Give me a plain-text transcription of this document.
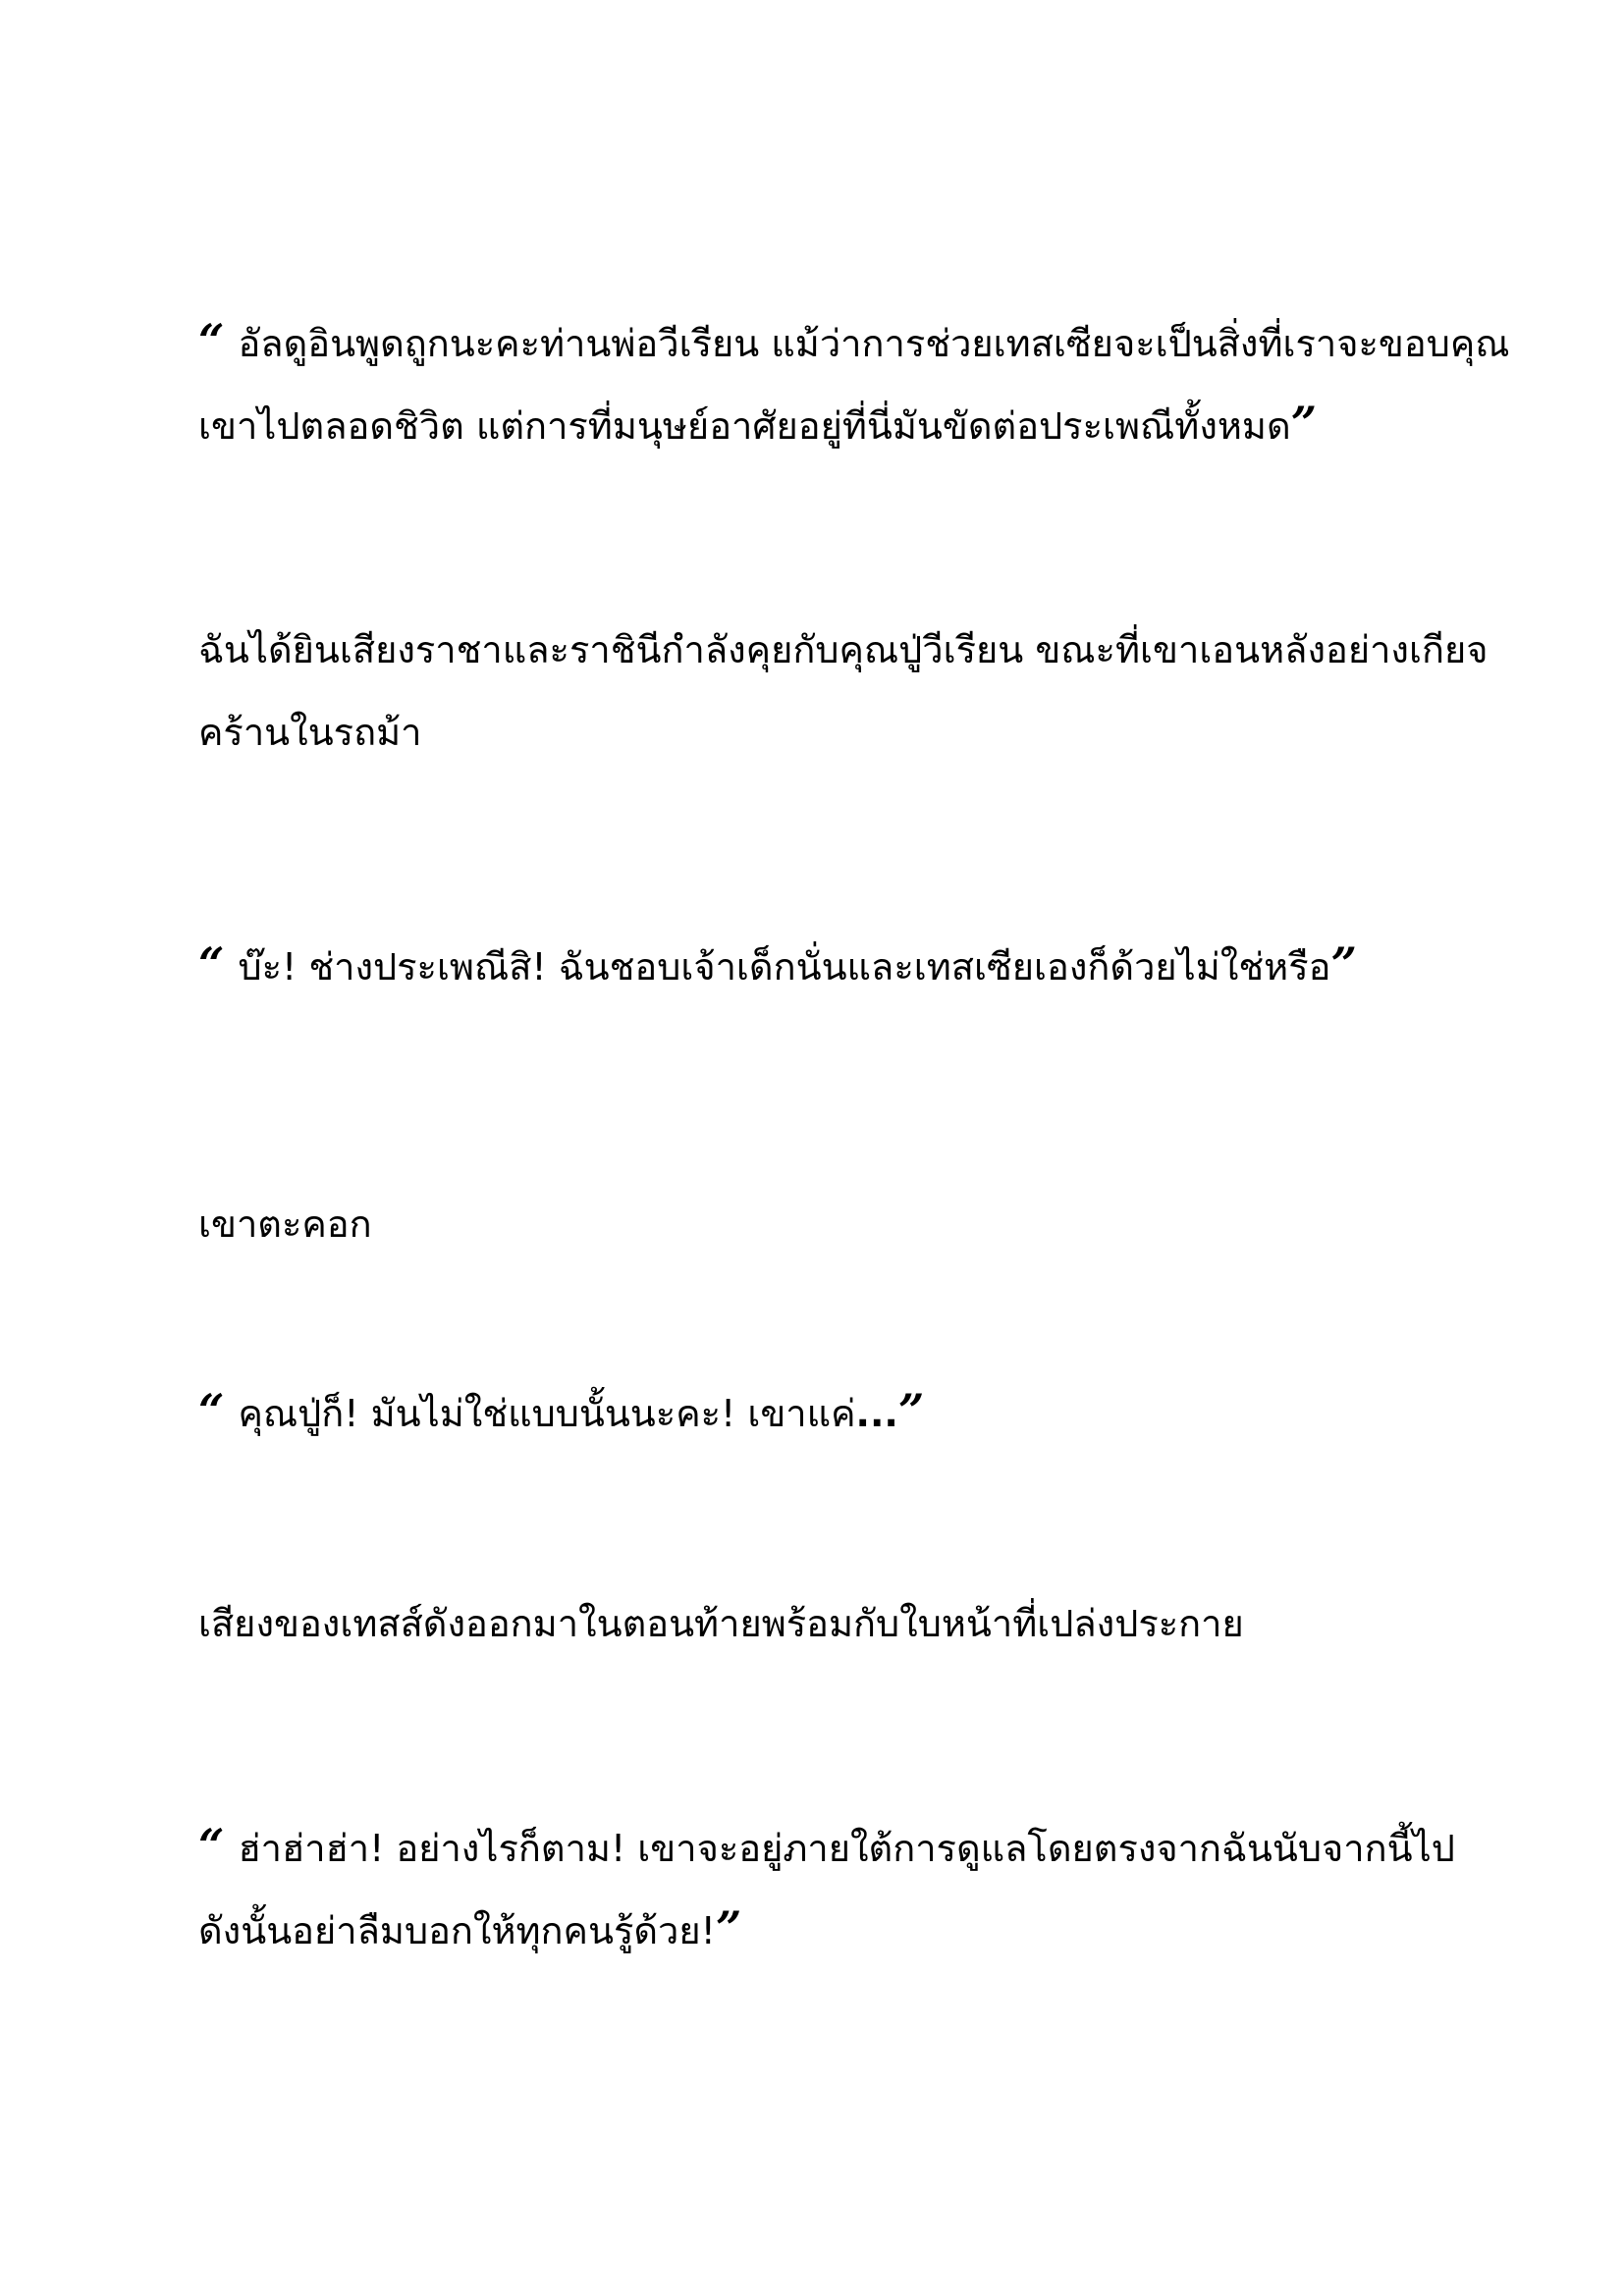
“ อัลดูอินพูดถูกนะคะท่านพ่อวีเรียน แม้ว่าการช่วยเทสเซียจะเป็นสิ่งที่เราจะขอบคุณ
เขาไปตลอดชิวิต แต่การที่มนุษย์อาศัยอยู่ที่นี่มันขัดต่อประเพณีทั้งหมด”
ฉันได้ยินเสียงราชาและราชินีกำลังคุยกับคุณปู่วีเรียน ขณะที่เขาเอนหลังอย่างเกียจ
คร้านในรถม้า
“ บ๊ะ! ช่างประเพณีสิ! ฉันชอบเจ้าเด็กนั่นและเทสเซียเองก็ด้วยไม่ใช่หรือ”
เขาตะคอก
“ คุณปู่ก็! มันไม่ใช่แบบนั้นนะคะ! เขาแค่...”
เสียงของเทสส์ดังออกมาในตอนท้ายพร้อมกับใบหน้าที่เปล่งประกาย
“ ฮ่าฮ่าฮ่า! อย่างไรก็ตาม! เขาจะอยู่ภายใต้การดูแลโดยตรงจากฉันนับจากนี้ไป
ดังนั้นอย่าลืมบอกให้ทุกคนรู้ด้วย!”
